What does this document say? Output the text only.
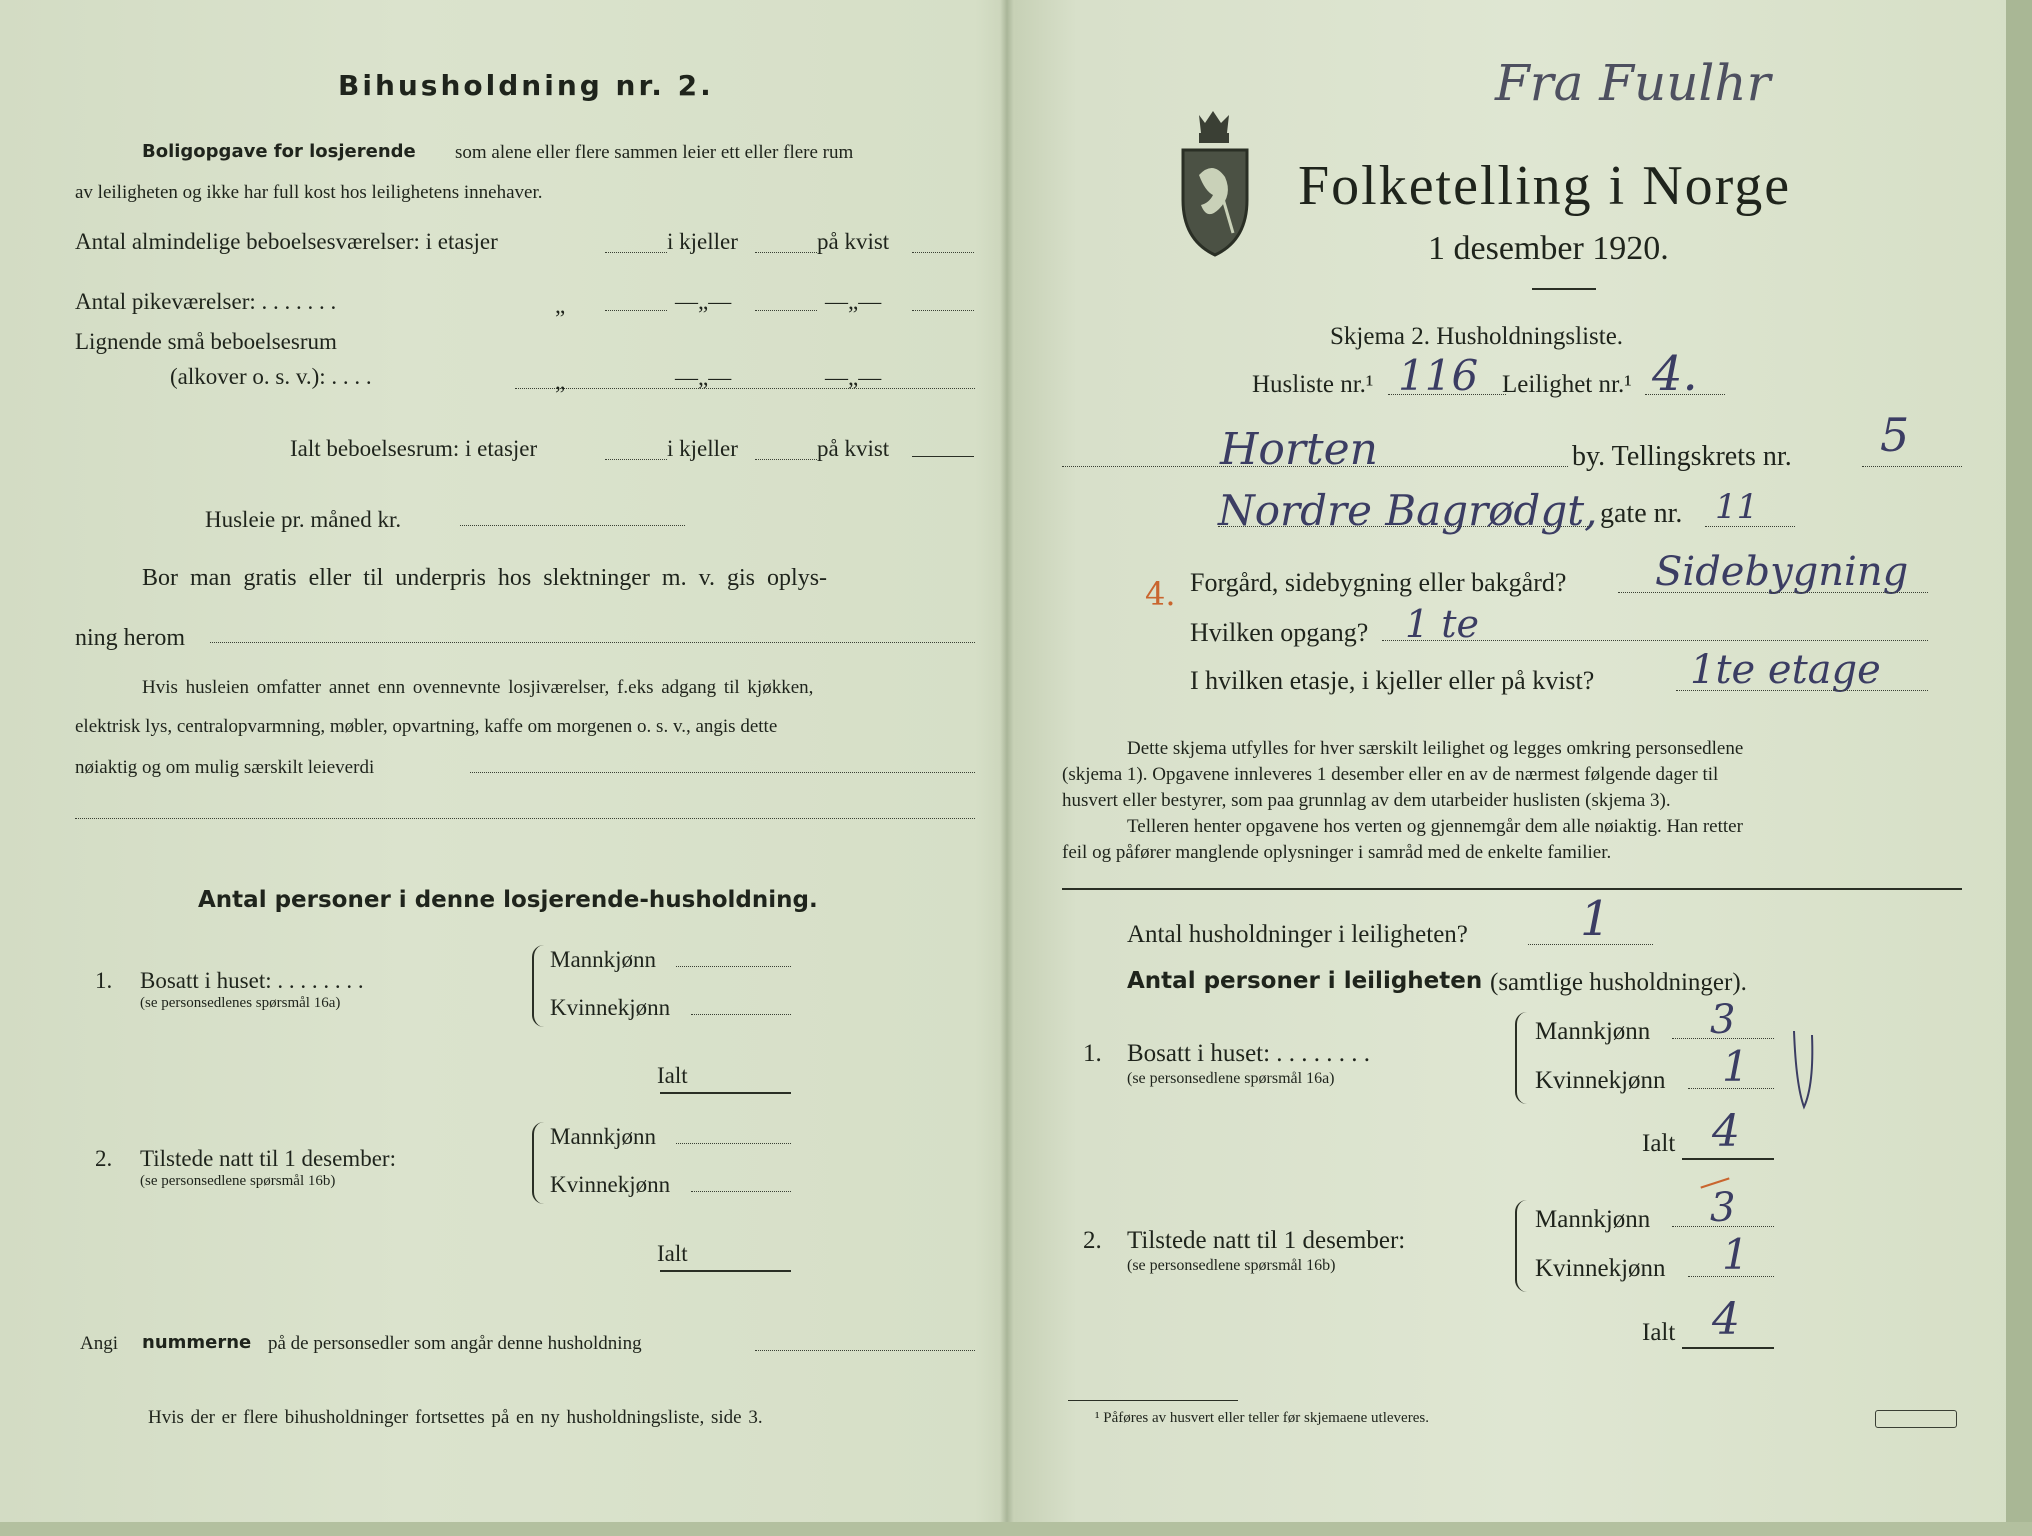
Bihusholdning nr. 2.
Boligopgave for losjerende som alene eller flere sammen leier ett eller flere rum
av leiligheten og ikke har full kost hos leilighetens innehaver.
Antal almindelige beboelsesværelser: i etasjer	i kjeller	på kvist
Antal pikeværelser: . . . . . . .	„	—„—	—„—
Lignende små beboelsesrum
(alkover o. s. v.): . . . .	„	—„—	—„—
Ialt beboelsesrum: i etasjer	i kjeller	på kvist
Husleie pr. måned kr.
Bor man gratis eller til underpris hos slektninger m. v. gis oplys-
ning herom
Hvis husleien omfatter annet enn ovennevnte losjiværelser, f.eks adgang til kjøkken,
elektrisk lys, centralopvarmning, møbler, opvartning, kaffe om morgenen o. s. v., angis dette
nøiaktig og om mulig særskilt leieverdi
Antal personer i denne losjerende-husholdning.
1. Bosatt i huset: . . . . . . . .
(se personsedlenes spørsmål 16a)
Mannkjønn
Kvinnekjønn
Ialt
2. Tilstede natt til 1 desember:
(se personsedlene spørsmål 16b)
Mannkjønn
Kvinnekjønn
Ialt
Angi nummerne på de personsedler som angår denne husholdning
Hvis der er flere bihusholdninger fortsettes på en ny husholdningsliste, side 3.
Folketelling i Norge
1 desember 1920.
Fra Fuulhr
Skjema 2. Husholdningsliste.
Husliste nr.¹ 116 Leilighet nr.¹ 4.
Horten	by. Tellingskrets nr. 5
Nordre Bagrødgt, gate nr. 11
4. Forgård, sidebygning eller bakgård? Sidebygning
Hvilken opgang? 1 te
I hvilken etasje, i kjeller eller på kvist? 1te etage
Dette skjema utfylles for hver særskilt leilighet og legges omkring personsedlene
(skjema 1). Opgavene innleveres 1 desember eller en av de nærmest følgende dager til
husvert eller bestyrer, som paa grunnlag av dem utarbeider huslisten (skjema 3).
Telleren henter opgavene hos verten og gjennemgår dem alle nøiaktig. Han retter
feil og påfører manglende oplysninger i samråd med de enkelte familier.
Antal husholdninger i leiligheten? 1
Antal personer i leiligheten (samtlige husholdninger).
1. Bosatt i huset: . . . . . . . .
(se personsedlene spørsmål 16a)
Mannkjønn 3
Kvinnekjønn 1
Ialt 4
2. Tilstede natt til 1 desember:
(se personsedlene spørsmål 16b)
Mannkjønn 3
Kvinnekjønn 1
Ialt 4
¹ Påføres av husvert eller teller før skjemaene utleveres.
